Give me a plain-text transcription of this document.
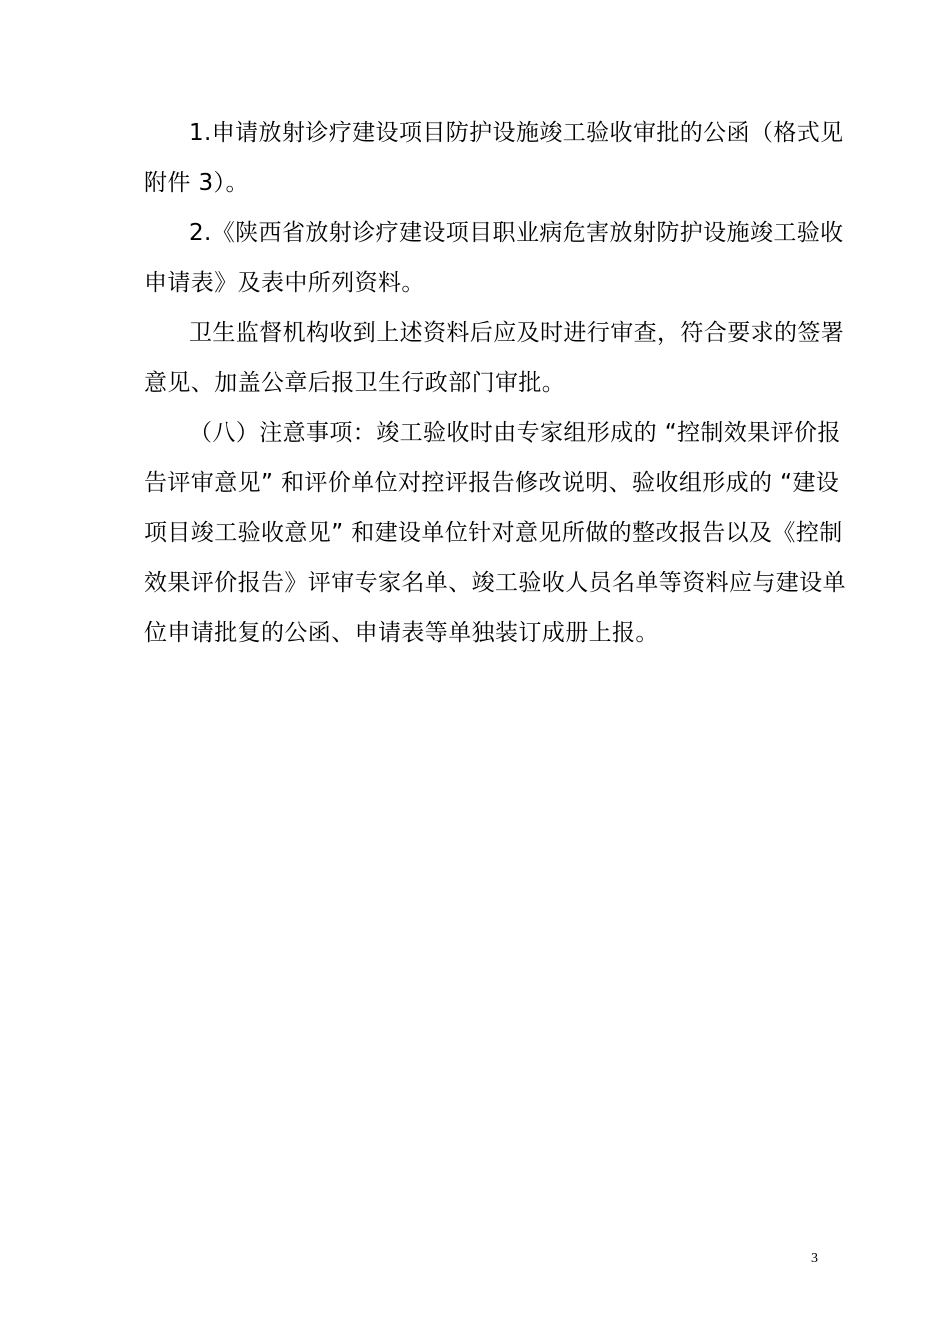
1.申请放射诊疗建设项目防护设施竣工验收审批的公函（格式见
附件 3）。
2.《陕西省放射诊疗建设项目职业病危害放射防护设施竣工验收
申请表》及表中所列资料。
卫生监督机构收到上述资料后应及时进行审查，符合要求的签署
意见、加盖公章后报卫生行政部门审批。
（八）注意事项：竣工验收时由专家组形成的 “控制效果评价报
告评审意见” 和评价单位对控评报告修改说明、验收组形成的 “建设
项目竣工验收意见” 和建设单位针对意见所做的整改报告以及《控制
效果评价报告》评审专家名单、竣工验收人员名单等资料应与建设单
位申请批复的公函、申请表等单独装订成册上报。
3
